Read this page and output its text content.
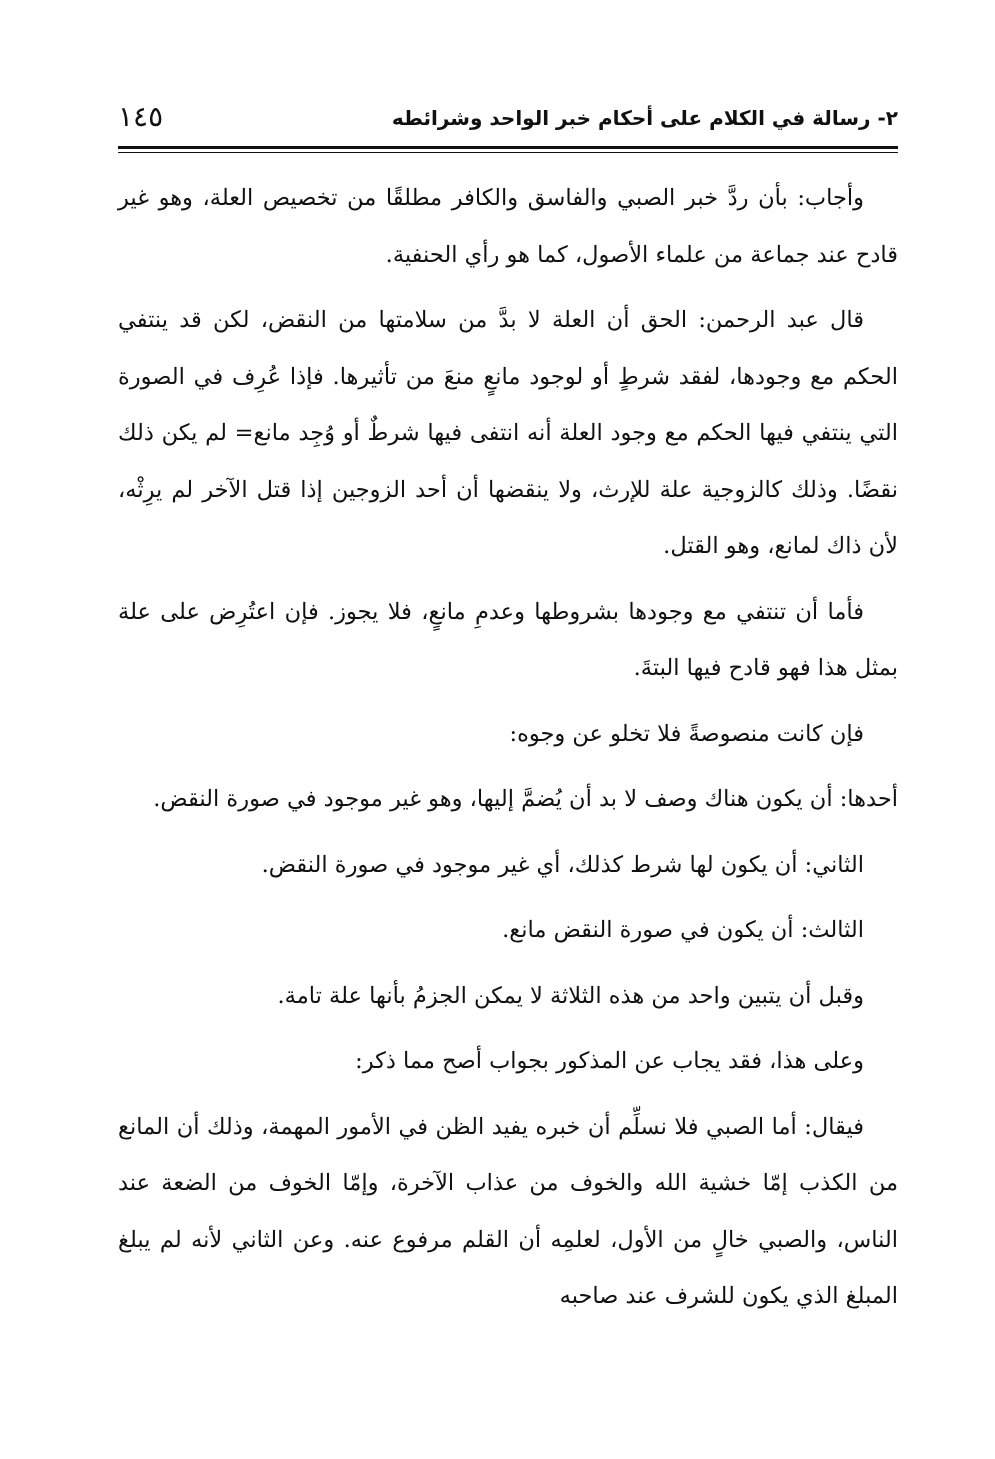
٢- رسالة في الكلام على أحكام خبر الواحد وشرائطه
١٤٥

وأجاب: بأن ردَّ خبر الصبي والفاسق والكافر مطلقًا من تخصيص العلة، وهو غير قادح عند جماعة من علماء الأصول، كما هو رأي الحنفية.

قال عبد الرحمن: الحق أن العلة لا بدَّ من سلامتها من النقض، لكن قد ينتفي الحكم مع وجودها، لفقد شرطٍ أو لوجود مانعٍ منعَ من تأثيرها. فإذا عُرِف في الصورة التي ينتفي فيها الحكم مع وجود العلة أنه انتفى فيها شرطٌ أو وُجِد مانع= لم يكن ذلك نقضًا. وذلك كالزوجية علة للإرث، ولا ينقضها أن أحد الزوجين إذا قتل الآخر لم يرِثْه، لأن ذاك لمانع، وهو القتل.

فأما أن تنتفي مع وجودها بشروطها وعدمِ مانعٍ، فلا يجوز. فإن اعتُرِض على علة بمثل هذا فهو قادح فيها البتةَ.

فإن كانت منصوصةً فلا تخلو عن وجوه:

أحدها: أن يكون هناك وصف لا بد أن يُضمَّ إليها، وهو غير موجود في صورة النقض.

الثاني: أن يكون لها شرط كذلك، أي غير موجود في صورة النقض.

الثالث: أن يكون في صورة النقض مانع.

وقبل أن يتبين واحد من هذه الثلاثة لا يمكن الجزمُ بأنها علة تامة.

وعلى هذا، فقد يجاب عن المذكور بجواب أصح مما ذكر:

فيقال: أما الصبي فلا نسلِّم أن خبره يفيد الظن في الأمور المهمة، وذلك أن المانع من الكذب إمّا خشية الله والخوف من عذاب الآخرة، وإمّا الخوف من الضعة عند الناس، والصبي خالٍ من الأول، لعلمِه أن القلم مرفوع عنه. وعن الثاني لأنه لم يبلغ المبلغ الذي يكون للشرف عند صاحبه
